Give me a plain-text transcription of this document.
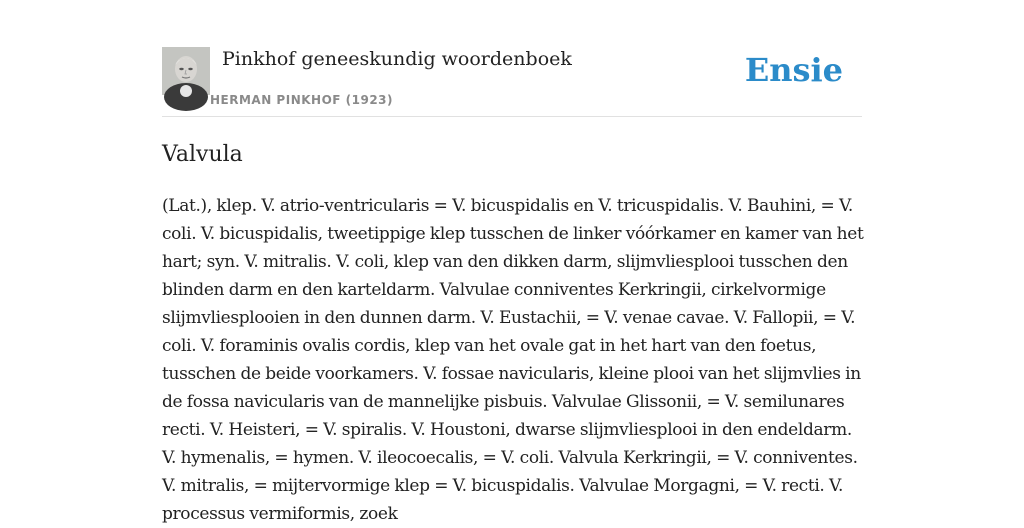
Pinkhof geneeskundig woordenboek
HERMAN PINKHOF (1923)
Ensie
Valvula

(Lat.), klep. V. atrio-ventricularis = V. bicuspidalis en V. tricuspidalis. V. Bauhini, = V. coli. V. bicuspidalis, tweetippige klep tusschen de linker vóórkamer en kamer van het hart; syn. V. mitralis. V. coli, klep van den dikken darm, slijmvliesplooi tusschen den blinden darm en den karteldarm. Valvulae conniventes Kerkringii, cirkelvormige slijmvliesplooien in den dunnen darm. V. Eustachii, = V. venae cavae. V. Fallopii, = V. coli. V. foraminis ovalis cordis, klep van het ovale gat in het hart van den foetus, tusschen de beide voorkamers. V. fossae navicularis, kleine plooi van het slijmvlies in de fossa navicularis van de mannelijke pisbuis. Valvulae Glissonii, = V. semilunares recti. V. Heisteri, = V. spiralis. V. Houstoni, dwarse slijmvliesplooi in den endeldarm. V. hymenalis, = hymen. V. ileocoecalis, = V. coli. Valvula Kerkringii, = V. conniventes. V. mitralis, = mijtervormige klep = V. bicuspidalis. Valvulae Morgagni, = V. recti. V. processus vermiformis, zoek
